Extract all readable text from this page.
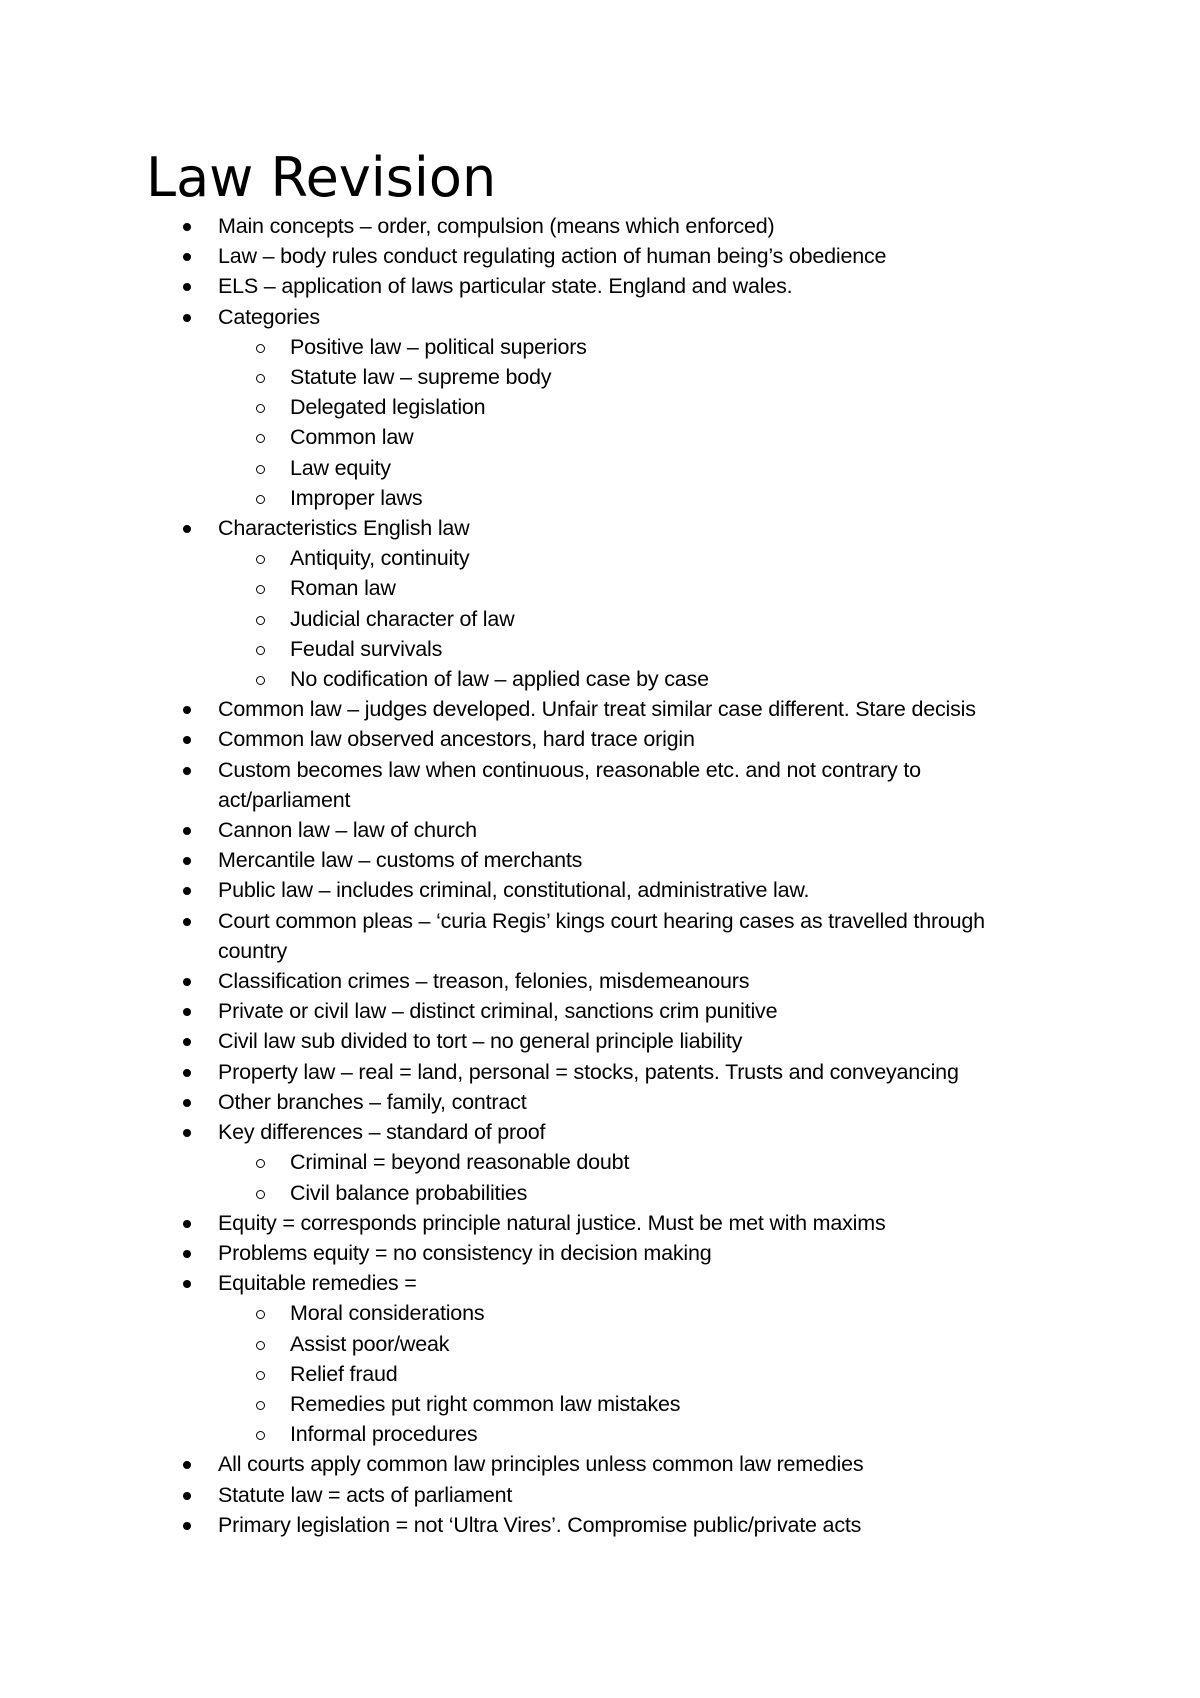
Law Revision
Main concepts – order, compulsion (means which enforced)
Law – body rules conduct regulating action of human being’s obedience
ELS – application of laws particular state. England and wales.
Categories
Positive law – political superiors
Statute law – supreme body
Delegated legislation
Common law
Law equity
Improper laws
Characteristics English law
Antiquity, continuity
Roman law
Judicial character of law
Feudal survivals
No codification of law – applied case by case
Common law – judges developed. Unfair treat similar case different. Stare decisis
Common law observed ancestors, hard trace origin
Custom becomes law when continuous, reasonable etc. and not contrary to act/parliament
Cannon law – law of church
Mercantile law – customs of merchants
Public law – includes criminal, constitutional, administrative law.
Court common pleas – ‘curia Regis’ kings court hearing cases as travelled through country
Classification crimes – treason, felonies, misdemeanours
Private or civil law – distinct criminal, sanctions crim punitive
Civil law sub divided to tort – no general principle liability
Property law – real = land, personal = stocks, patents. Trusts and conveyancing
Other branches – family, contract
Key differences – standard of proof
Criminal = beyond reasonable doubt
Civil balance probabilities
Equity = corresponds principle natural justice. Must be met with maxims
Problems equity = no consistency in decision making
Equitable remedies =
Moral considerations
Assist poor/weak
Relief fraud
Remedies put right common law mistakes
Informal procedures
All courts apply common law principles unless common law remedies
Statute law = acts of parliament
Primary legislation = not ‘Ultra Vires’. Compromise public/private acts
